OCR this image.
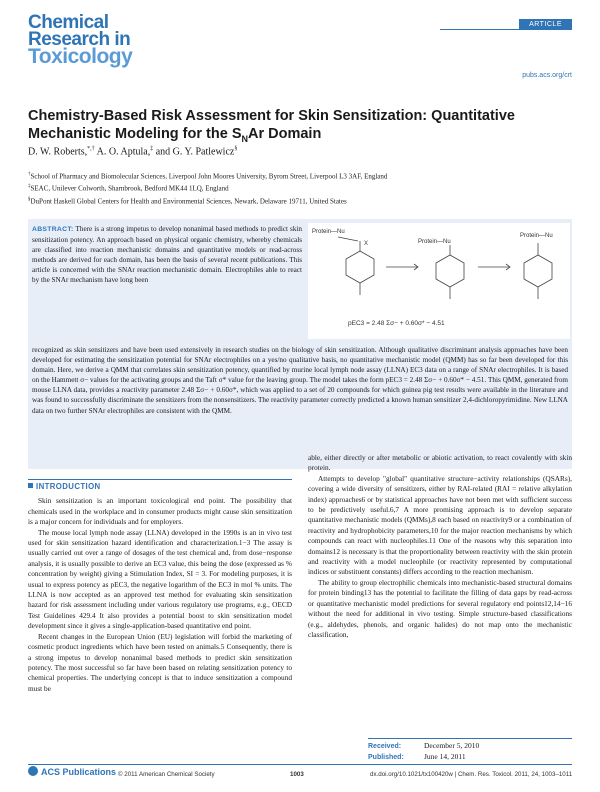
Chemical
Research in
Toxicology
ARTICLE
pubs.acs.org/crt
Chemistry-Based Risk Assessment for Skin Sensitization: Quantitative Mechanistic Modeling for the $S_NAr$ Domain
D. W. Roberts,*,† A. O. Aptula,‡ and G. Y. Patlewicz§
†School of Pharmacy and Biomolecular Sciences, Liverpool John Moores University, Byrom Street, Liverpool L3 3AF, England
‡SEAC, Unilever Colworth, Sharnbrook, Bedford MK44 1LQ, England
§DuPont Haskell Global Centers for Health and Environmental Sciences, Newark, Delaware 19711, United States
ABSTRACT: There is a strong impetus to develop nonanimal based methods to predict skin sensitization potency. An approach based on physical organic chemistry, whereby chemicals are classified into reaction mechanistic domains and quantitative models or read-across methods are derived for each domain, has been the basis of several recent publications. This article is concerned with the SNAr reaction mechanistic domain. Electrophiles able to react by the SNAr mechanism have long been
Protein—Nu
X	Protein—Nu
Protein—Nu
pEC3 = 2.48 Σσ− + 0.60σ* − 4.51
recognized as skin sensitizers and have been used extensively in research studies on the biology of skin sensitization. Although qualitative discriminant analysis approaches have been developed for estimating the sensitization potential for SNAr electrophiles on a yes/no qualitative basis, no quantitative mechanistic model (QMM) has so far been developed for this domain. Here, we derive a QMM that correlates skin sensitization potency, quantified by murine local lymph node assay (LLNA) EC3 data on a range of SNAr electrophiles. It is based on the Hammett σ− values for the activating groups and the Taft σ* value for the leaving group. The model takes the form pEC3 = 2.48 Σσ− + 0.60σ* − 4.51. This QMM, generated from mouse LLNA data, provides a reactivity parameter 2.48 Σσ− + 0.60σ*, which was applied to a set of 20 compounds for which guinea pig test results were available in the literature and was found to successfully discriminate the sensitizers from the nonsensitizers. The reactivity parameter correctly predicted a known human sensitizer 2,4-dichloropyrimidine. New LLNA data on two further SNAr electrophiles are consistent with the QMM.
INTRODUCTION

Skin sensitization is an important toxicological end point. The possibility that chemicals used in the workplace and in consumer products might cause skin sensitization is a major concern for individuals and for employers.

The mouse local lymph node assay (LLNA) developed in the 1990s is an in vivo test used for skin sensitization hazard identification and characterization.1−3 The assay is usually carried out over a range of dosages of the test chemical and, from dose−response analysis, it is usually possible to derive an EC3 value, this being the dose (expressed as % concentration by weight) giving a Stimulation Index, SI = 3. For modeling purposes, it is usual to express potency as pEC3, the negative logarithm of the EC3 in mol % units. The LLNA is now accepted as an approved test method for evaluating skin sensitization hazard for risk assessment including under various regulatory use programs, e.g., OECD Test Guidelines 429.4 It also provides a potential boost to skin sensitization model development since it gives a single-application-based quantitative end point.

Recent changes in the European Union (EU) legislation will forbid the marketing of cosmetic product ingredients which have been tested on animals.5 Consequently, there is a strong impetus to develop nonanimal based methods to predict skin sensitization potency. The most successful so far have been based on relating sensitization potency to chemical properties. The underlying concept is that to induce sensitization a compound must be

able, either directly or after metabolic or abiotic activation, to react covalently with skin protein.

Attempts to develop "global" quantitative structure−activity relationships (QSARs), covering a wide diversity of sensitizers, either by RAI-related (RAI = relative alkylation index) approaches6 or by statistical approaches have not been met with sufficient success to be predictively useful.6,7 A more promising approach is to develop separate quantitative mechanistic models (QMMs),8 each based on reactivity9 or a combination of reactivity and hydrophobicity parameters,10 for the major reaction mechanisms by which compounds can react with nucleophiles.11 One of the reasons why this separation into domains12 is necessary is that the proportionality between reactivity with the skin protein and reactivity with a model nucleophile (or reactivity represented by computational indices or substituent constants) differs according to the reaction mechanism.

The ability to group electrophilic chemicals into mechanistic-based structural domains for protein binding13 has the potential to facilitate the filling of data gaps by read-across or quantitative mechanistic model predictions for several regulatory end points12,14−16 without the need for additional in vivo testing. Simple structure-based classifications (e.g., aldehydes, phenols, and organic halides) do not map onto the mechanistic classification,

Received:	December 5, 2010
Published:	June 14, 2011
ACS Publications © 2011 American Chemical Society	1003	dx.doi.org/10.1021/tx100420w | Chem. Res. Toxicol. 2011, 24, 1003–1011
